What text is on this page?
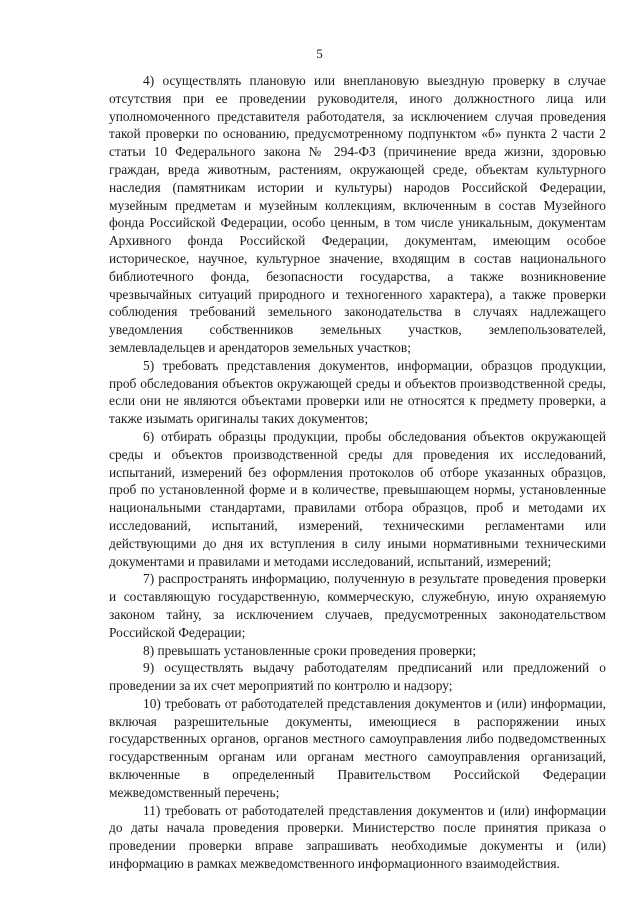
5

4) осуществлять плановую или внеплановую выездную проверку в случае отсутствия при ее проведении руководителя, иного должностного лица или уполномоченного представителя работодателя, за исключением случая проведения такой проверки по основанию, предусмотренному подпунктом «б» пункта 2 части 2 статьи 10 Федерального закона № 294-ФЗ (причинение вреда жизни, здоровью граждан, вреда животным, растениям, окружающей среде, объектам культурного наследия (памятникам истории и культуры) народов Российской Федерации, музейным предметам и музейным коллекциям, включенным в состав Музейного фонда Российской Федерации, особо ценным, в том числе уникальным, документам Архивного фонда Российской Федерации, документам, имеющим особое историческое, научное, культурное значение, входящим в состав национального библиотечного фонда, безопасности государства, а также возникновение чрезвычайных ситуаций природного и техногенного характера), а также проверки соблюдения требований земельного законодательства в случаях надлежащего уведомления собственников земельных участков, землепользователей, землевладельцев и арендаторов земельных участков;

5) требовать представления документов, информации, образцов продукции, проб обследования объектов окружающей среды и объектов производственной среды, если они не являются объектами проверки или не относятся к предмету проверки, а также изымать оригиналы таких документов;

6) отбирать образцы продукции, пробы обследования объектов окружающей среды и объектов производственной среды для проведения их исследований, испытаний, измерений без оформления протоколов об отборе указанных образцов, проб по установленной форме и в количестве, превышающем нормы, установленные национальными стандартами, правилами отбора образцов, проб и методами их исследований, испытаний, измерений, техническими регламентами или действующими до дня их вступления в силу иными нормативными техническими документами и правилами и методами исследований, испытаний, измерений;

7) распространять информацию, полученную в результате проведения проверки и составляющую государственную, коммерческую, служебную, иную охраняемую законом тайну, за исключением случаев, предусмотренных законодательством Российской Федерации;

8) превышать установленные сроки проведения проверки;

9) осуществлять выдачу работодателям предписаний или предложений о проведении за их счет мероприятий по контролю и надзору;

10) требовать от работодателей представления документов и (или) информации, включая разрешительные документы, имеющиеся в распоряжении иных государственных органов, органов местного самоуправления либо подведомственных государственным органам или органам местного самоуправления организаций, включенные в определенный Правительством Российской Федерации межведомственный перечень;

11) требовать от работодателей представления документов и (или) информации до даты начала проведения проверки. Министерство после принятия приказа о проведении проверки вправе запрашивать необходимые документы и (или) информацию в рамках межведомственного информационного взаимодействия.
